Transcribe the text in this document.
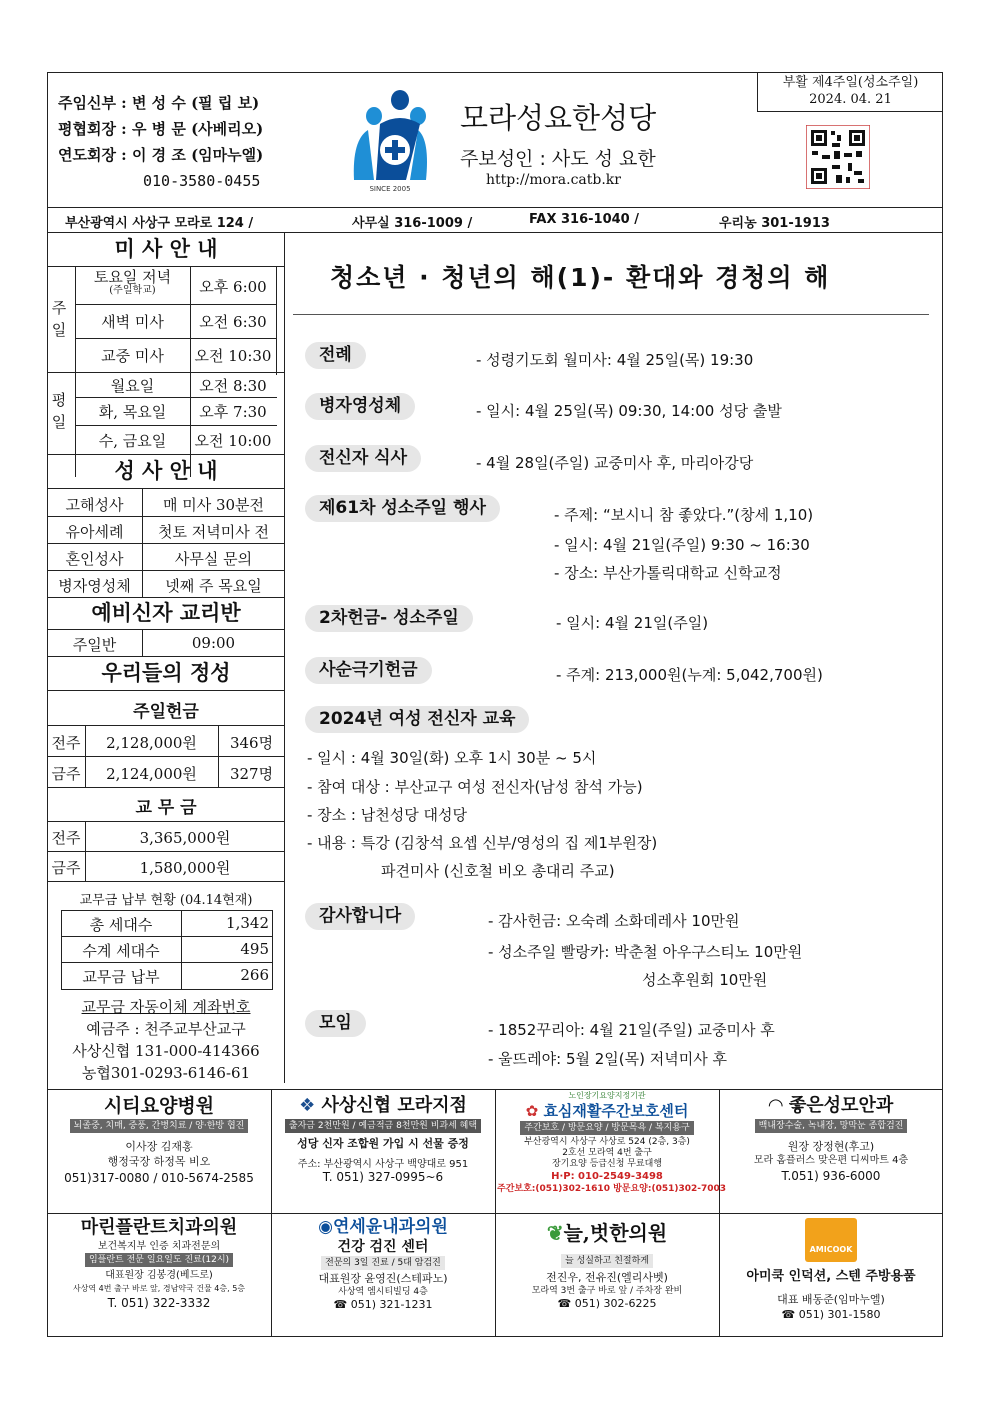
주임신부 : 변 성 수 (필 립 보)
평협회장 : 우 병 문 (사베리오)
연도회장 : 이 경 조 (임마누엘)
010-3580-0455	SINCE 2005
모라성요한성당
주보성인 : 사도 성 요한
http://mora.catb.kr
부활 제4주일(성소주일)
2024. 04. 21
부산광역시 사상구 모라로 124 /	사무실 316-1009 /	FAX 316-1040 /	우리농 301-1913
미 사 안 내
주일
토요일 저녁
(주일학교)	오후 6:00
새벽 미사	오전 6:30
교중 미사	오전 10:30
평일
월요일	오전 8:30
화, 목요일	오후 7:30
수, 금요일	오전 10:00
성 사 안 내
고해성사	매 미사 30분전
유아세례	첫토 저녁미사 전
혼인성사	사무실 문의
병자영성체	넷째 주 목요일
예비신자 교리반
주일반	09:00
우리들의 정성
주일헌금
전주	2,128,000원	346명
금주	2,124,000원	327명
교 무 금
전주	3,365,000원
금주	1,580,000원
교무금 납부 현황 (04.14현재)
총 세대수	1,342
수계 세대수	495
교무금 납부	266
교무금 자동이체 계좌번호
예금주 : 천주교부산교구
사상신협 131-000-414366
농협301-0293-6146-61
청소년 · 청년의 해(1)- 환대와 경청의 해
전례	- 성령기도회 월미사: 4월 25일(목) 19:30
병자영성체	- 일시: 4월 25일(목) 09:30, 14:00 성당 출발
전신자 식사	- 4월 28일(주일) 교중미사 후, 마리아강당
제61차 성소주일 행사	- 주제: “보시니 참 좋았다.”(창세 1,10)
- 일시: 4월 21일(주일) 9:30 ~ 16:30
- 장소: 부산가톨릭대학교 신학교정
2차헌금- 성소주일	- 일시: 4월 21일(주일)
사순극기헌금	- 주계: 213,000원(누계: 5,042,700원)
2024년 여성 전신자 교육
- 일시 : 4월 30일(화) 오후 1시 30분 ~ 5시
- 참여 대상 : 부산교구 여성 전신자(남성 참석 가능)
- 장소 : 남천성당 대성당
- 내용 : 특강 (김창석 요셉 신부/영성의 집 제1부원장)
파견미사 (신호철 비오 총대리 주교)
감사합니다	- 감사헌금: 오숙례 소화데레사 10만원
- 성소주일 빨랑카: 박춘철 아우구스티노 10만원
성소후원회 10만원
모임	- 1852꾸리아: 4월 21일(주일) 교중미사 후
- 울뜨레야: 5월 2일(목) 저녁미사 후
시티요양병원
뇌졸중, 치매, 중풍, 간병치료 / 양·한방 협진
이사장 김재홍
행정국장 하정목 비오
051)317-0080 / 010-5674-2585
❖ 사상신협 모라지점
출자금 2천만원 / 예금적금 8천만원 비과세 혜택
성당 신자 조합원 가입 시 선물 증정
주소: 부산광역시 사상구 백양대로 951
T. 051) 327-0995~6
노인장기요양지정기관
✿ 효심재활주간보호센터
주간보호 / 방문요양 / 방문목욕 / 복지용구
부산광역시 사상구 사상로 524 (2층, 3층)
2호선 모라역 4번 출구
장기요양 등급신청 무료대행
H·P: 010-2549-3498
주간보호:(051)302-1610 방문요양:(051)302-7003
◠ 좋은성모안과
백내장수술, 녹내장, 망막눈 종합검진
원장 장정현(후고)
모라 홈플러스 맞은편 디씨마트 4층
T.051) 936-6000
마린플란트치과의원
보건복지부 인증 치과전문의
임플란트 전문 일요일도 진료(12시)
대표원장 김봉경(베드로)
사상역 4번 출구 바로 앞, 경남약국 건물 4층, 5층
T. 051) 322-3332
◉연세윤내과의원
건강 검진 센터
전문의 3일 진료 / 5대 암검진
대표원장 윤영진(스테파노)
사상역 엠시티빌딩 4층
☎ 051) 321-1231
❦늘,벗한의원
늘 성실하고 친절하게
전진우, 전유진(엘리사벳)
모라역 3번 출구 바로 앞 / 주차장 완비
☎ 051) 302-6225
AMICOOK
아미쿡 인덕션, 스텐 주방용품
대표 배동준(임마누엘)
☎ 051) 301-1580
